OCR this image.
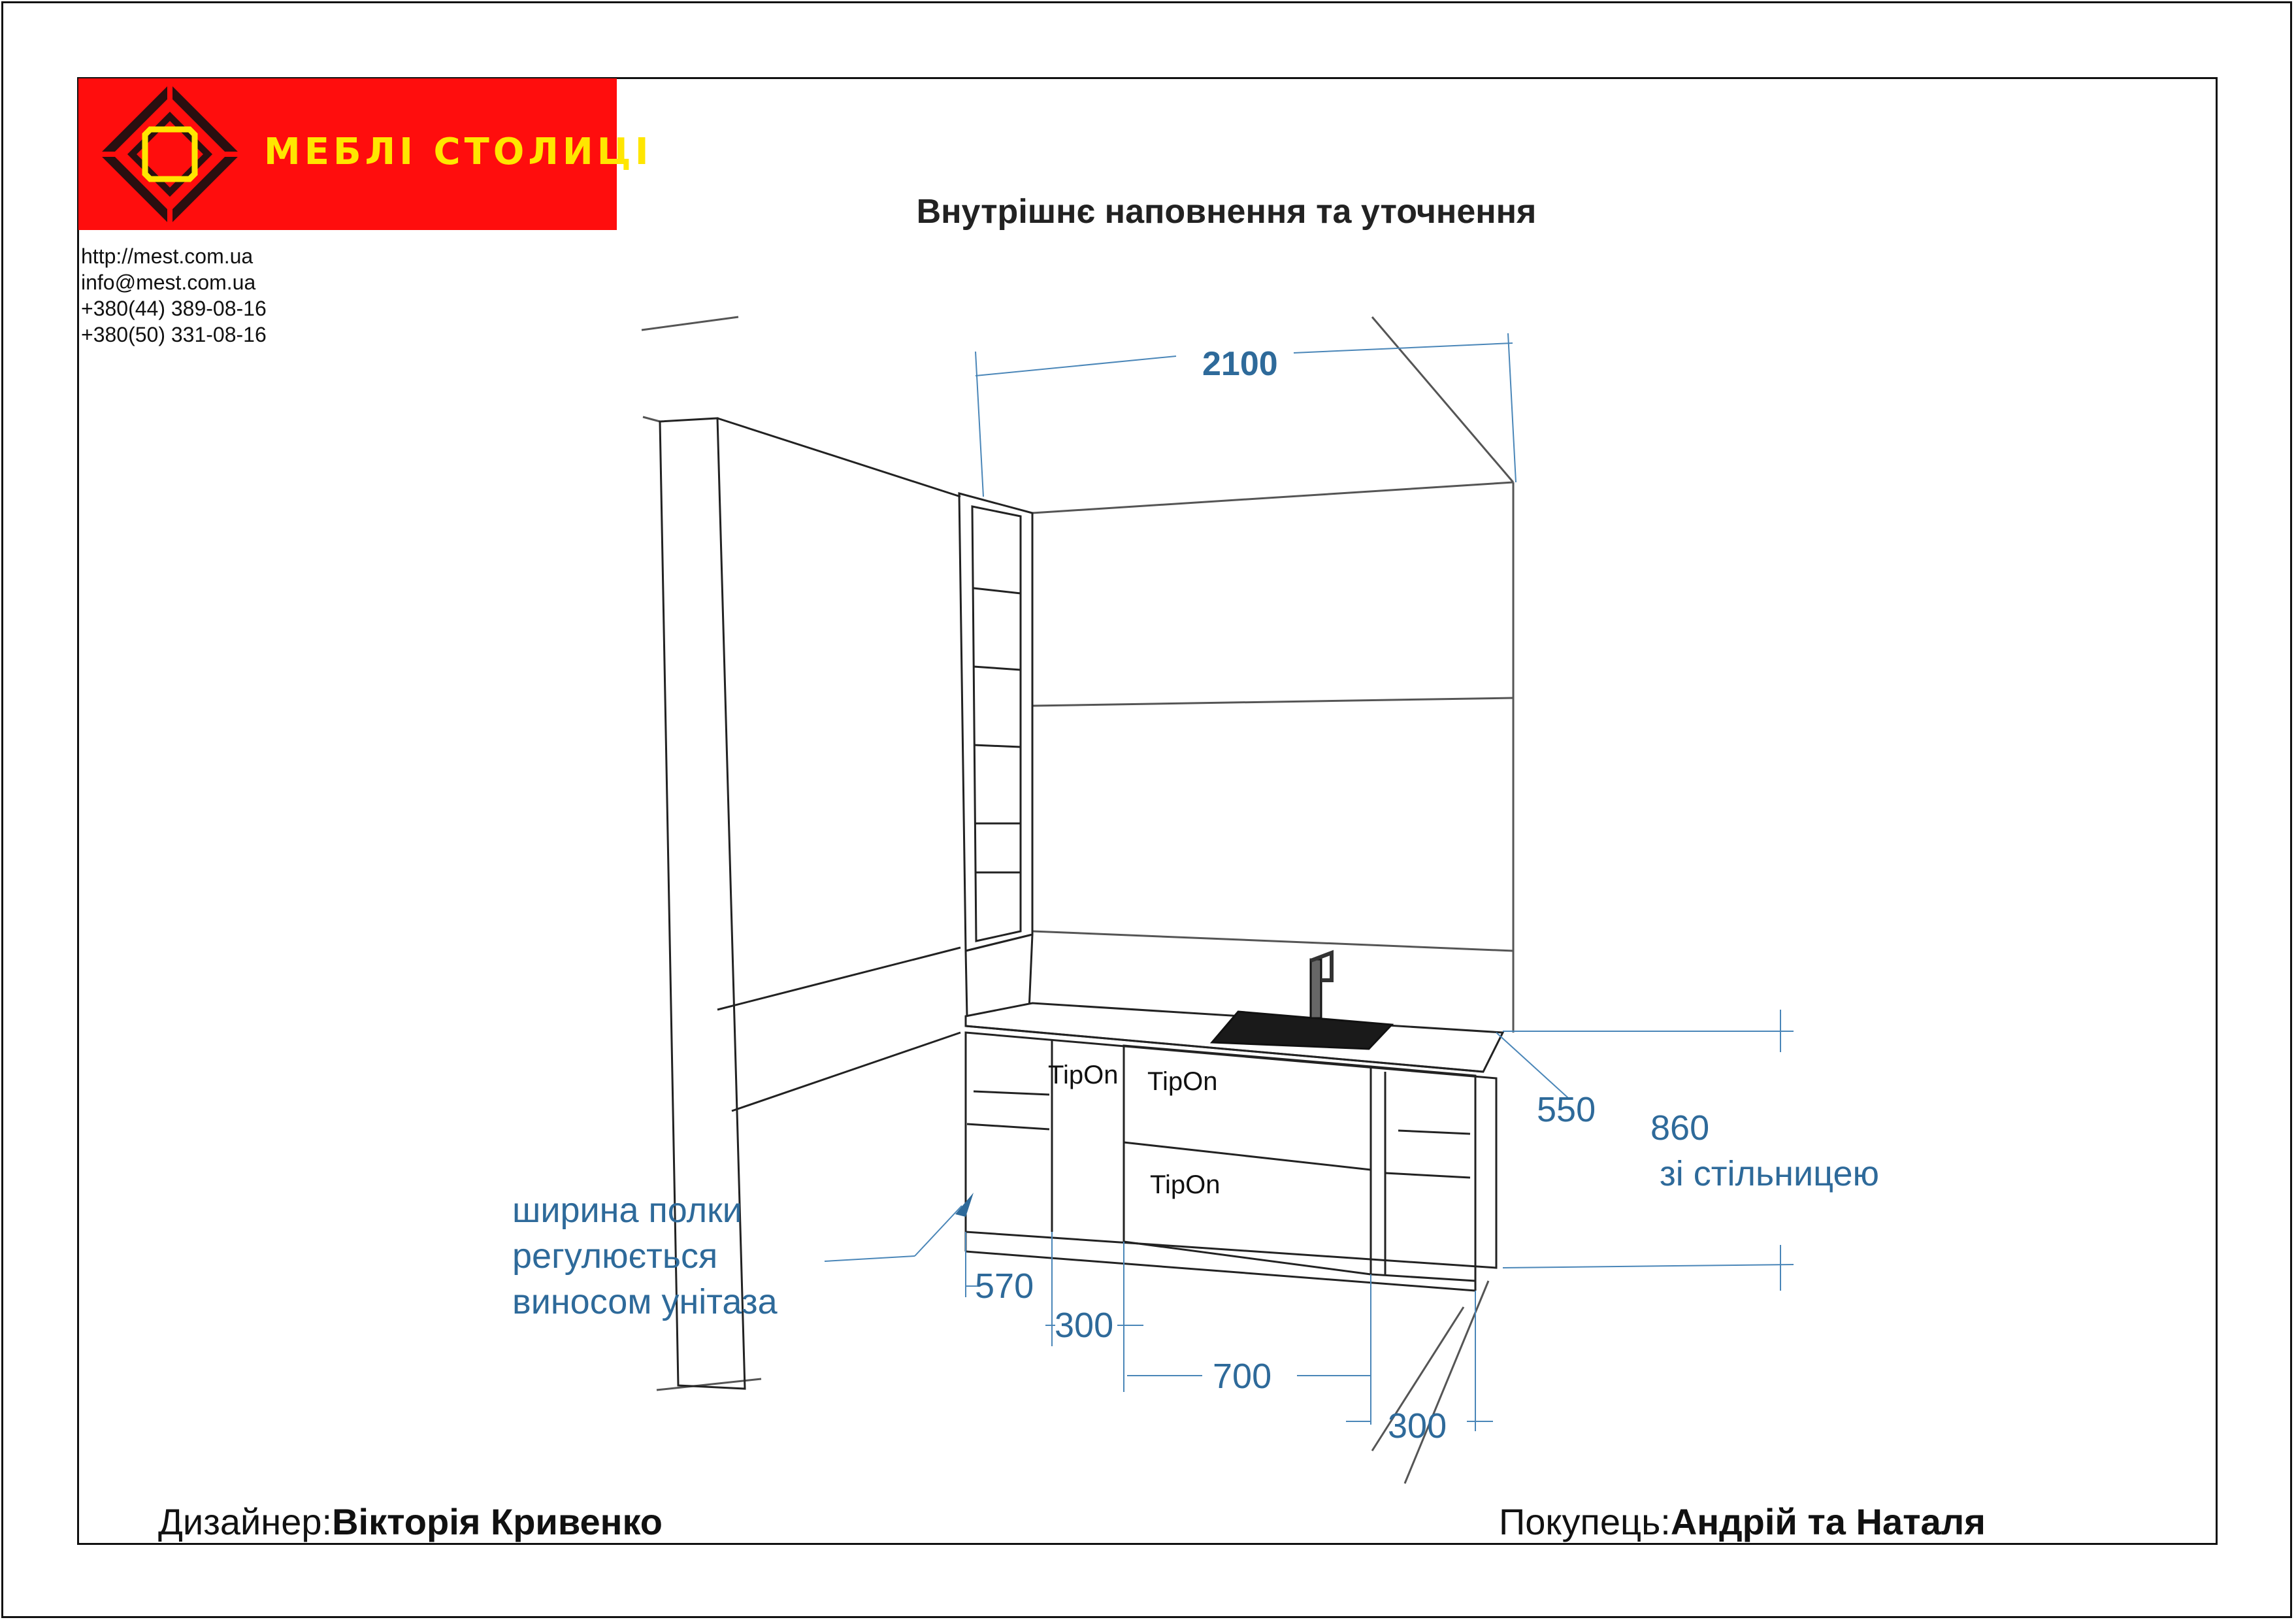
МЕБЛІ СТОЛИЦІ
http://mest.com.ua
info@mest.com.ua
+380(44) 389-08-16
+380(50) 331-08-16
Внутрішнє наповнення та уточнення
2100
550 860
зі стільницею
570
300
700
300
ширина полки
регулюється
виносом унітаза
TipOn TipOn
TipOn
Дизайнер:Вікторія Кривенко	Покупець:Андрій та Наталя
